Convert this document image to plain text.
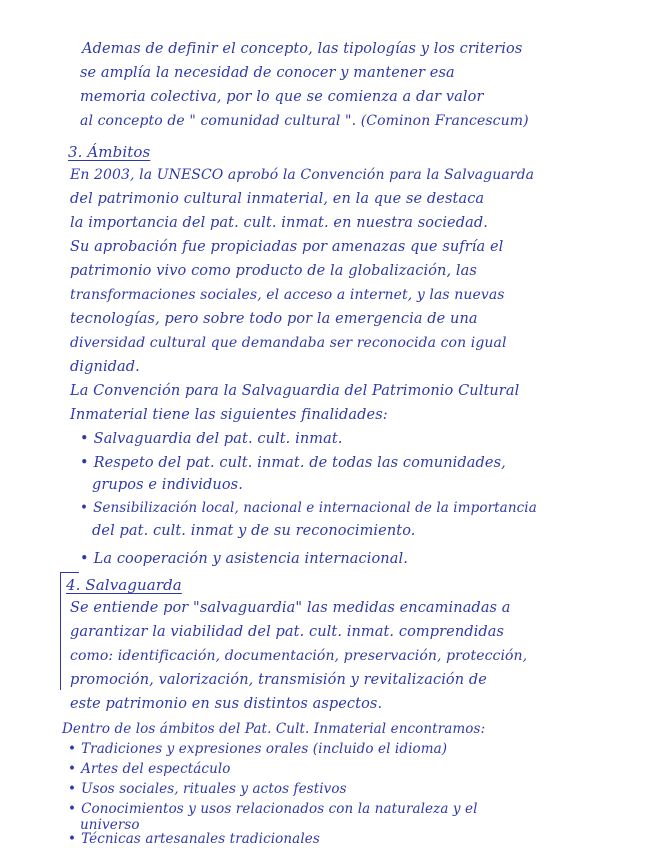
Ademas de definir el concepto, las tipologías y los criterios
se amplía la necesidad de conocer y mantener esa
memoria colectiva, por lo que se comienza a dar valor
al concepto de " comunidad cultural ". (Cominon Francescum)
3. Ámbitos
En 2003, la UNESCO aprobó la Convención para la Salvaguarda
del patrimonio cultural inmaterial, en la que se destaca
la importancia del pat. cult. inmat. en nuestra sociedad.
Su aprobación fue propiciadas por amenazas que sufría el
patrimonio vivo como producto de la globalización, las
transformaciones sociales, el acceso a internet, y las nuevas
tecnologías, pero sobre todo por la emergencia de una
diversidad cultural que demandaba ser reconocida con igual
dignidad.
La Convención para la Salvaguardia del Patrimonio Cultural
Inmaterial tiene las siguientes finalidades:
• Salvaguardia del pat. cult. inmat.
• Respeto del pat. cult. inmat. de todas las comunidades,
grupos e individuos.
• Sensibilización local, nacional e internacional de la importancia
del pat. cult. inmat y de su reconocimiento.
• La cooperación y asistencia internacional.
4. Salvaguarda
Se entiende por "salvaguardia" las medidas encaminadas a
garantizar la viabilidad del pat. cult. inmat. comprendidas
como: identificación, documentación, preservación, protección,
promoción, valorización, transmisión y revitalización de
este patrimonio en sus distintos aspectos.
Dentro de los ámbitos del Pat. Cult. Inmaterial encontramos:
• Tradiciones y expresiones orales (incluido el idioma)
• Artes del espectáculo
• Usos sociales, rituales y actos festivos
• Conocimientos y usos relacionados con la naturaleza y el
universo
• Técnicas artesanales tradicionales
